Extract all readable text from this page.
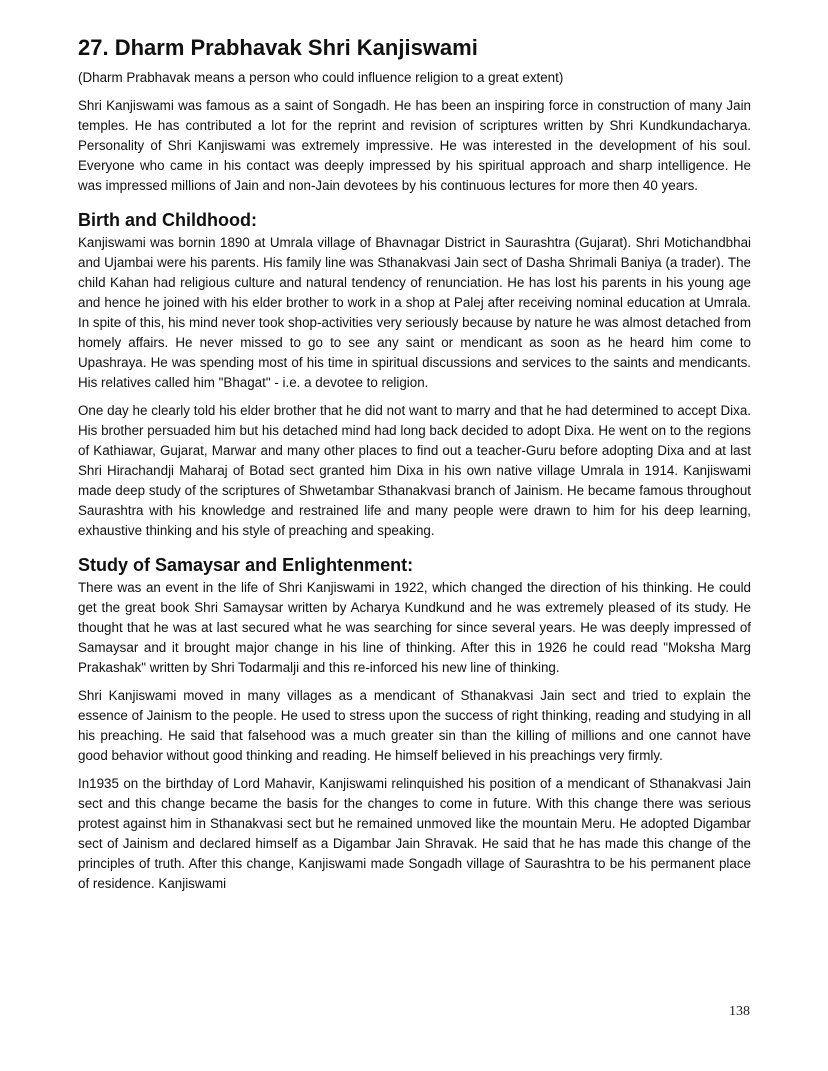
27. Dharm Prabhavak Shri Kanjiswami
(Dharm Prabhavak means a person who could influence religion to a great extent)

Shri Kanjiswami was famous as a saint of Songadh. He has been an inspiring force in construction of many Jain temples. He has contributed a lot for the reprint and revision of scriptures written by Shri Kundkundacharya. Personality of Shri Kanjiswami was extremely impressive. He was interested in the development of his soul. Everyone who came in his contact was deeply impressed by his spiritual approach and sharp intelligence. He was impressed millions of Jain and non-Jain devotees by his continuous lectures for more then 40 years.

Birth and Childhood:

Kanjiswami was bornin 1890 at Umrala village of Bhavnagar District in Saurashtra (Gujarat). Shri Motichandbhai and Ujambai were his parents. His family line was Sthanakvasi Jain sect of Dasha Shrimali Baniya (a trader). The child Kahan had religious culture and natural tendency of renunciation. He has lost his parents in his young age and hence he joined with his elder brother to work in a shop at Palej after receiving nominal education at Umrala. In spite of this, his mind never took shop-activities very seriously because by nature he was almost detached from homely affairs. He never missed to go to see any saint or mendicant as soon as he heard him come to Upashraya. He was spending most of his time in spiritual discussions and services to the saints and mendicants. His relatives called him "Bhagat" - i.e. a devotee to religion.

One day he clearly told his elder brother that he did not want to marry and that he had determined to accept Dixa. His brother persuaded him but his detached mind had long back decided to adopt Dixa. He went on to the regions of Kathiawar, Gujarat, Marwar and many other places to find out a teacher-Guru before adopting Dixa and at last Shri Hirachandji Maharaj of Botad sect granted him Dixa in his own native village Umrala in 1914. Kanjiswami made deep study of the scriptures of Shwetambar Sthanakvasi branch of Jainism. He became famous throughout Saurashtra with his knowledge and restrained life and many people were drawn to him for his deep learning, exhaustive thinking and his style of preaching and speaking.

Study of Samaysar and Enlightenment:

There was an event in the life of Shri Kanjiswami in 1922, which changed the direction of his thinking. He could get the great book Shri Samaysar written by Acharya Kundkund and he was extremely pleased of its study. He thought that he was at last secured what he was searching for since several years. He was deeply impressed of Samaysar and it brought major change in his line of thinking. After this in 1926 he could read "Moksha Marg Prakashak" written by Shri Todarmalji and this re-inforced his new line of thinking.

Shri Kanjiswami moved in many villages as a mendicant of Sthanakvasi Jain sect and tried to explain the essence of Jainism to the people. He used to stress upon the success of right thinking, reading and studying in all his preaching. He said that falsehood was a much greater sin than the killing of millions and one cannot have good behavior without good thinking and reading. He himself believed in his preachings very firmly.

In1935 on the birthday of Lord Mahavir, Kanjiswami relinquished his position of a mendicant of Sthanakvasi Jain sect and this change became the basis for the changes to come in future. With this change there was serious protest against him in Sthanakvasi sect but he remained unmoved like the mountain Meru. He adopted Digambar sect of Jainism and declared himself as a Digambar Jain Shravak. He said that he has made this change of the principles of truth. After this change, Kanjiswami made Songadh village of Saurashtra to be his permanent place of residence. Kanjiswami

138
